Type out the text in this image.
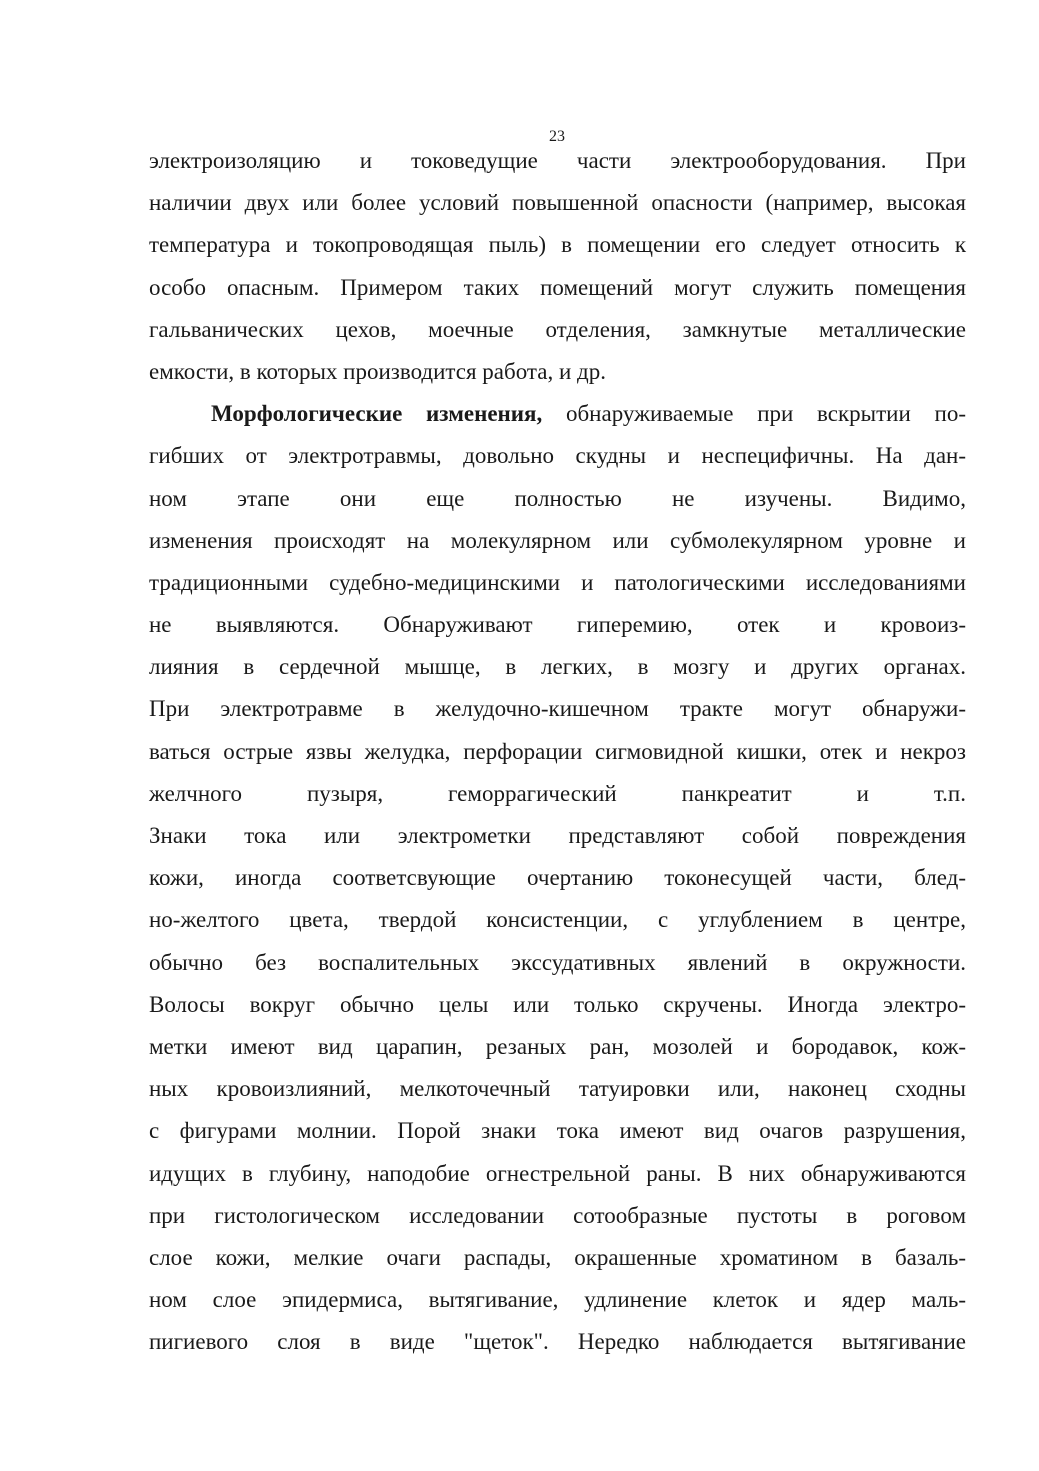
23
электроизоляцию и токоведущие части электрооборудования. При
наличии двух или более условий повышенной опасности (например, высокая
температура и токопроводящая пыль) в помещении его следует относить к
особо опасным. Примером таких помещений могут служить помещения
гальванических цехов, моечные отделения, замкнутые металлические
емкости, в которых производится работа, и др.
Морфологические изменения, обнаруживаемые при вскрытии по-
гибших от электротравмы, довольно скудны и неспецифичны. На дан-
ном этапе они еще полностью не изучены. Видимо,
изменения происходят на молекулярном или субмолекулярном уровне и
традиционными судебно-медицинскими и патологическими исследованиями
не выявляются. Обнаруживают гиперемию, отек и кровоиз-
лияния в сердечной мышце, в легких, в мозгу и других органах.
При электротравме в желудочно-кишечном тракте могут обнаружи-
ваться острые язвы желудка, перфорации сигмовидной кишки, отек и некроз
желчного пузыря, геморрагический панкреатит и т.п.
Знаки тока или электрометки представляют собой повреждения
кожи, иногда соответсвующие очертанию токонесущей части, блед-
но-желтого цвета, твердой консистенции, с углублением в центре,
обычно без воспалительных экссудативных явлений в окружности.
Волосы вокруг обычно целы или только скручены. Иногда электро-
метки имеют вид царапин, резаных ран, мозолей и бородавок, кож-
ных кровоизлияний, мелкоточечный татуировки или, наконец сходны
с фигурами молнии. Порой знаки тока имеют вид очагов разрушения,
идущих в глубину, наподобие огнестрельной раны. В них обнаруживаются
при гистологическом исследовании сотообразные пустоты в роговом
слое кожи, мелкие очаги распады, окрашенные хроматином в базаль-
ном слое эпидермиса, вытягивание, удлинение клеток и ядер маль-
пигиевого слоя в виде "щеток". Нередко наблюдается вытягивание
